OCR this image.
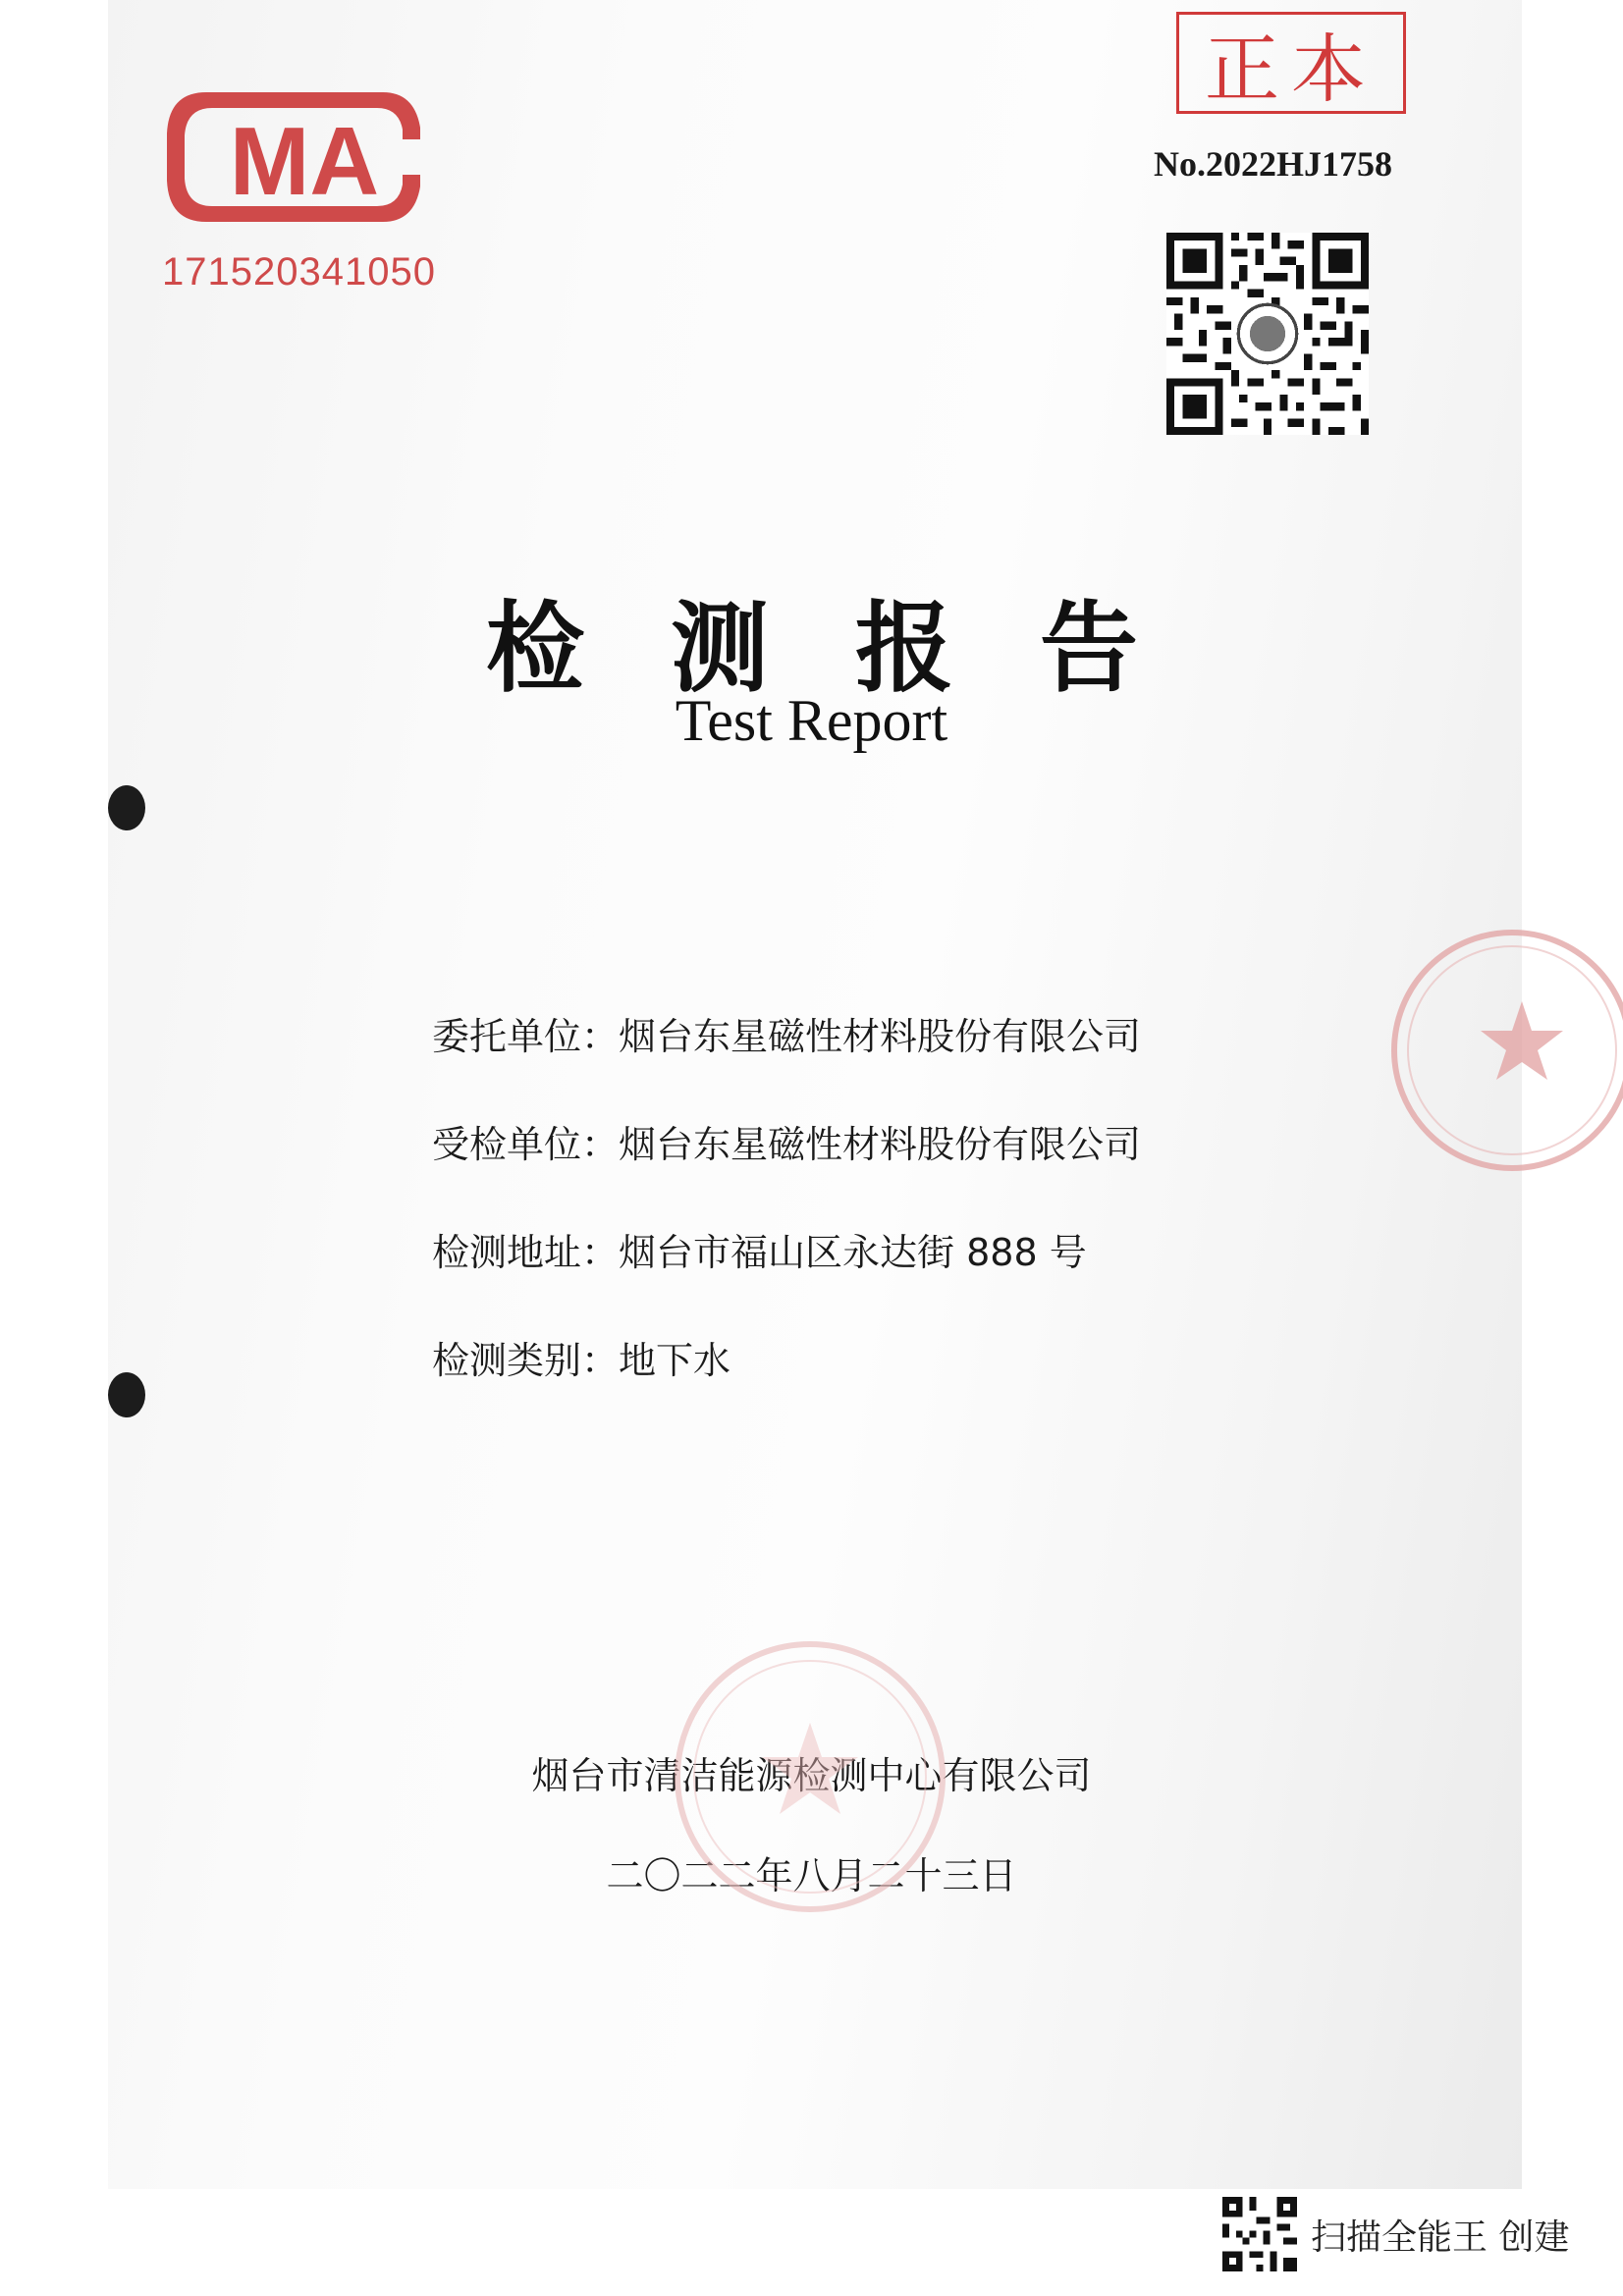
MA
171520341050
正本
No.2022HJ1758
检测报告
Test Report
委托单位：烟台东星磁性材料股份有限公司
受检单位：烟台东星磁性材料股份有限公司
检测地址：烟台市福山区永达街 888 号
检测类别：地下水
烟台市清洁能源检测中心有限公司
二〇二二年八月二十三日
扫描全能王 创建
